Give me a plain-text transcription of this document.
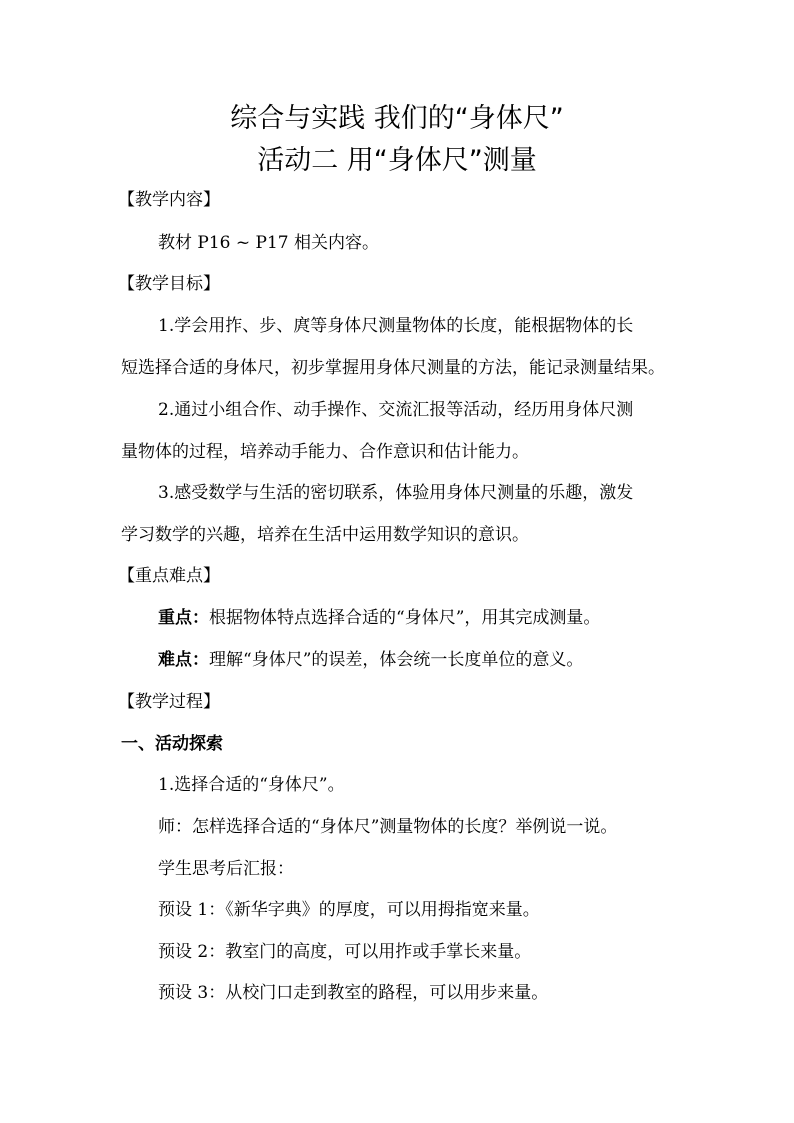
综合与实践 我们的“身体尺”
活动二 用“身体尺”测量
【教学内容】
教材 P16 ~ P17 相关内容。
【教学目标】
1.学会用拃、步、庹等身体尺测量物体的长度，能根据物体的长
短选择合适的身体尺，初步掌握用身体尺测量的方法，能记录测量结果。
2.通过小组合作、动手操作、交流汇报等活动，经历用身体尺测
量物体的过程，培养动手能力、合作意识和估计能力。
3.感受数学与生活的密切联系，体验用身体尺测量的乐趣，激发
学习数学的兴趣，培养在生活中运用数学知识的意识。
【重点难点】
重点：根据物体特点选择合适的“身体尺”，用其完成测量。
难点：理解“身体尺”的误差，体会统一长度单位的意义。
【教学过程】
一、活动探索
1.选择合适的“身体尺”。
师：怎样选择合适的“身体尺”测量物体的长度？举例说一说。
学生思考后汇报：
预设 1：《新华字典》的厚度，可以用拇指宽来量。
预设 2：教室门的高度，可以用拃或手掌长来量。
预设 3：从校门口走到教室的路程，可以用步来量。
